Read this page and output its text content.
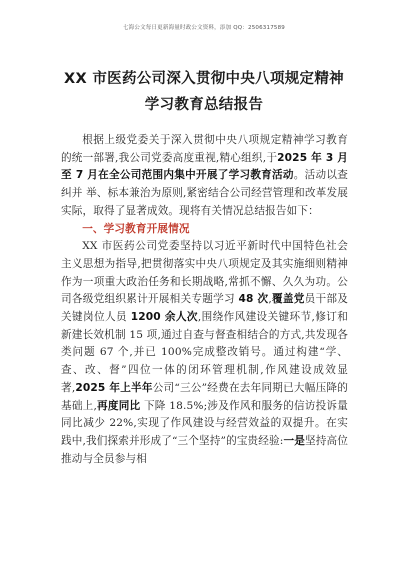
七海公文每日更新海量时政公文资料，添加 QQ：2506317589
XX 市医药公司深入贯彻中央八项规定精神
学习教育总结报告

根据上级党委关于深入贯彻中央八项规定精神学习教育的统一部署,我公司党委高度重视,精心组织,于2025 年 3 月至 7 月在全公司范围内集中开展了学习教育活动。活动以查纠并 举、标本兼治为原则,紧密结合公司经营管理和改革发展实际，取得了显著成效。现将有关情况总结报告如下：

一、学习教育开展情况

XX 市医药公司党委坚持以习近平新时代中国特色社会主义思想为指导,把贯彻落实中央八项规定及其实施细则精神作为一项重大政治任务和长期战略,常抓不懈、久久为功。公司各级党组织累计开展相关专题学习 48 次,覆盖党员干部及关键岗位人员 1200 余人次,围绕作风建设关键环节,修订和新建长效机制 15 项,通过自查与督查相结合的方式,共发现各类问题 67 个,并已 100%完成整改销号。通过构建“学、查、改、督”四位一体的闭环管理机制,作风建设成效显著,2025 年上半年公司“三公”经费在去年同期已大幅压降的基础上,再度同比 下降 18.5%;涉及作风和服务的信访投诉量同比减少 22%,实现了作风建设与经营效益的双提升。在实践中,我们探索并形成了“三个坚持”的宝贵经验:一是坚持高位推动与全员参与相
